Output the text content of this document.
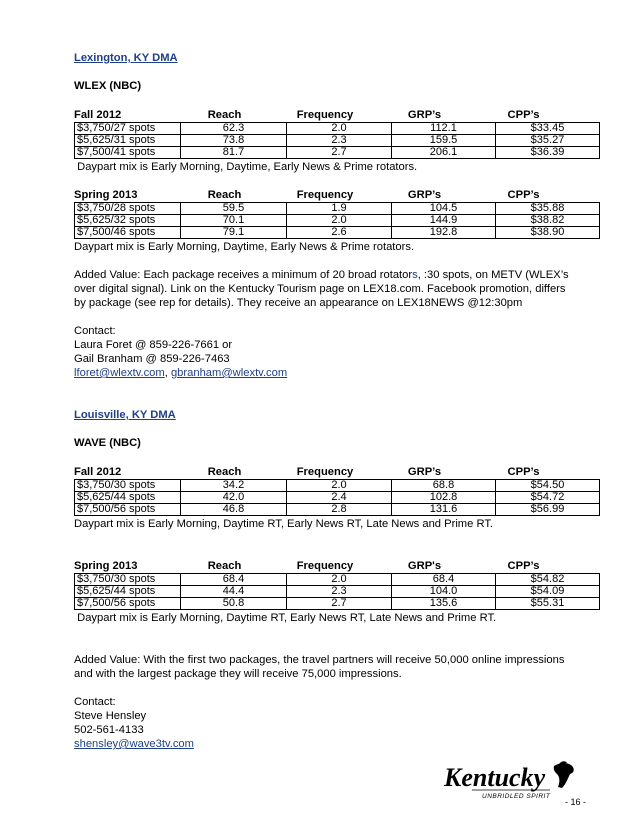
Lexington, KY DMA

WLEX (NBC)

Fall 2012	Reach	Frequency	GRP’s	CPP’s
$3,750/27 spots	62.3	2.0	112.1	$33.45
$5,625/31 spots	73.8	2.3	159.5	$35.27
$7,500/41 spots	81.7	2.7	206.1	$36.39

Daypart mix is Early Morning, Daytime, Early News & Prime rotators.

Spring 2013	Reach	Frequency	GRP’s	CPP’s
$3,750/28 spots	59.5	1.9	104.5	$35.88
$5,625/32 spots	70.1	2.0	144.9	$38.82
$7,500/46 spots	79.1	2.6	192.8	$38.90

Daypart mix is Early Morning, Daytime, Early News & Prime rotators.

Added Value: Each package receives a minimum of 20 broad rotators, :30 spots, on METV (WLEX’s over digital signal). Link on the Kentucky Tourism page on LEX18.com. Facebook promotion, differs by package (see rep for details). They receive an appearance on LEX18NEWS @12:30pm

Contact:
Laura Foret @ 859-226-7661 or
Gail Branham @ 859-226-7463
lforet@wlextv.com, gbranham@wlextv.com

Louisville, KY DMA

WAVE (NBC)

Fall 2012	Reach	Frequency	GRP’s	CPP’s
$3,750/30 spots	34.2	2.0	68.8	$54.50
$5,625/44 spots	42.0	2.4	102.8	$54.72
$7,500/56 spots	46.8	2.8	131.6	$56.99

Daypart mix is Early Morning, Daytime RT, Early News RT, Late News and Prime RT.

Spring 2013	Reach	Frequency	GRP's	CPP’s
$3,750/30 spots	68.4	2.0	68.4	$54.82
$5,625/44 spots	44.4	2.3	104.0	$54.09
$7,500/56 spots	50.8	2.7	135.6	$55.31

Daypart mix is Early Morning, Daytime RT, Early News RT, Late News and Prime RT.

Added Value: With the first two packages, the travel partners will receive 50,000 online impressions and with the largest package they will receive 75,000 impressions.

Contact:
Steve Hensley
502-561-4133
shensley@wave3tv.com

Kentucky
UNBRIDLED SPIRIT
- 16 -
